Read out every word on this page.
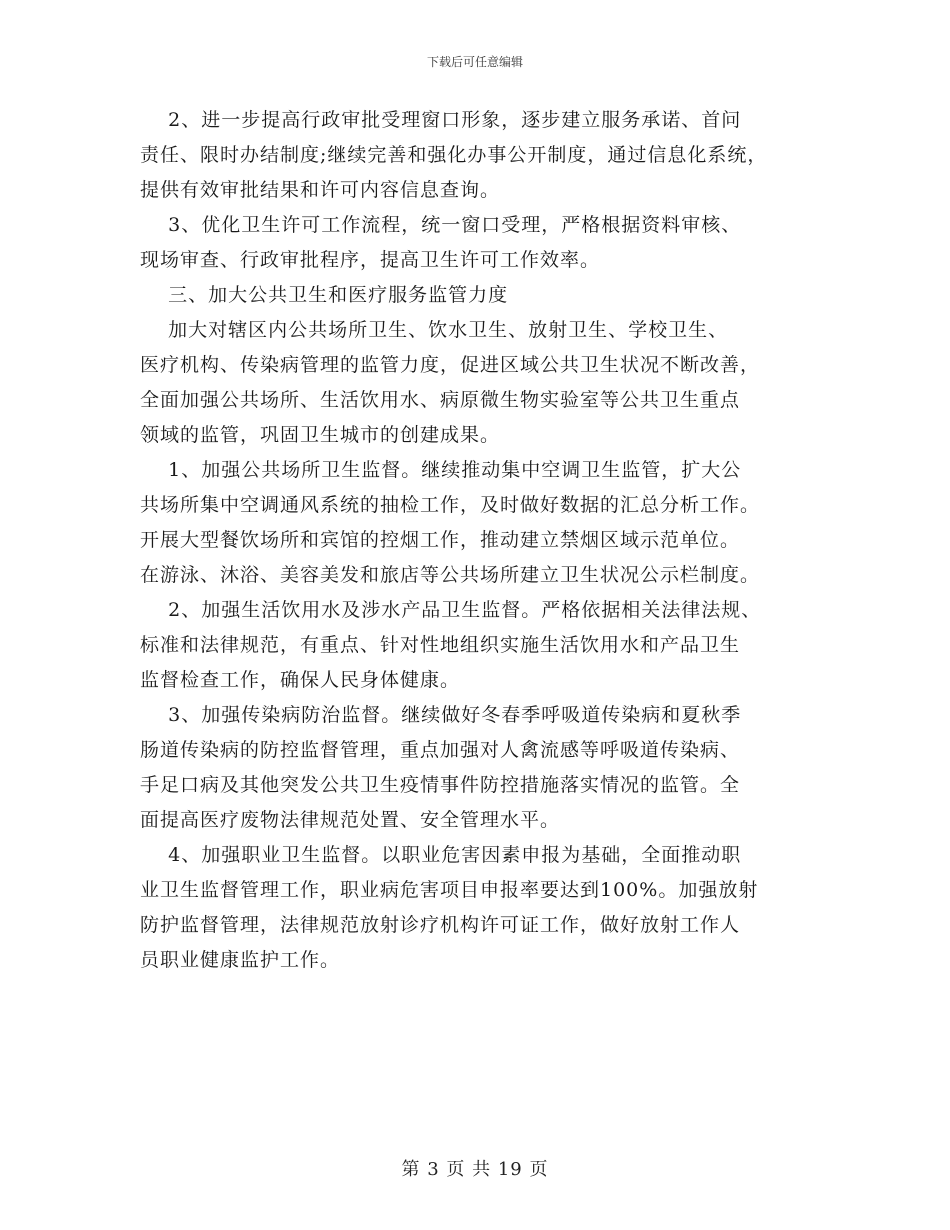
下载后可任意编辑
2、进一步提高行政审批受理窗口形象，逐步建立服务承诺、首问
责任、限时办结制度;继续完善和强化办事公开制度，通过信息化系统，
提供有效审批结果和许可内容信息查询。
3、优化卫生许可工作流程，统一窗口受理，严格根据资料审核、
现场审查、行政审批程序，提高卫生许可工作效率。
三、加大公共卫生和医疗服务监管力度
加大对辖区内公共场所卫生、饮水卫生、放射卫生、学校卫生、
医疗机构、传染病管理的监管力度，促进区域公共卫生状况不断改善，
全面加强公共场所、生活饮用水、病原微生物实验室等公共卫生重点
领域的监管，巩固卫生城市的创建成果。
1、加强公共场所卫生监督。继续推动集中空调卫生监管，扩大公
共场所集中空调通风系统的抽检工作，及时做好数据的汇总分析工作。
开展大型餐饮场所和宾馆的控烟工作，推动建立禁烟区域示范单位。
在游泳、沐浴、美容美发和旅店等公共场所建立卫生状况公示栏制度。
2、加强生活饮用水及涉水产品卫生监督。严格依据相关法律法规、
标准和法律规范，有重点、针对性地组织实施生活饮用水和产品卫生
监督检查工作，确保人民身体健康。
3、加强传染病防治监督。继续做好冬春季呼吸道传染病和夏秋季
肠道传染病的防控监督管理，重点加强对人禽流感等呼吸道传染病、
手足口病及其他突发公共卫生疫情事件防控措施落实情况的监管。全
面提高医疗废物法律规范处置、安全管理水平。
4、加强职业卫生监督。以职业危害因素申报为基础，全面推动职
业卫生监督管理工作，职业病危害项目申报率要达到100%。加强放射
防护监督管理，法律规范放射诊疗机构许可证工作，做好放射工作人
员职业健康监护工作。
第 3 页 共 19 页
